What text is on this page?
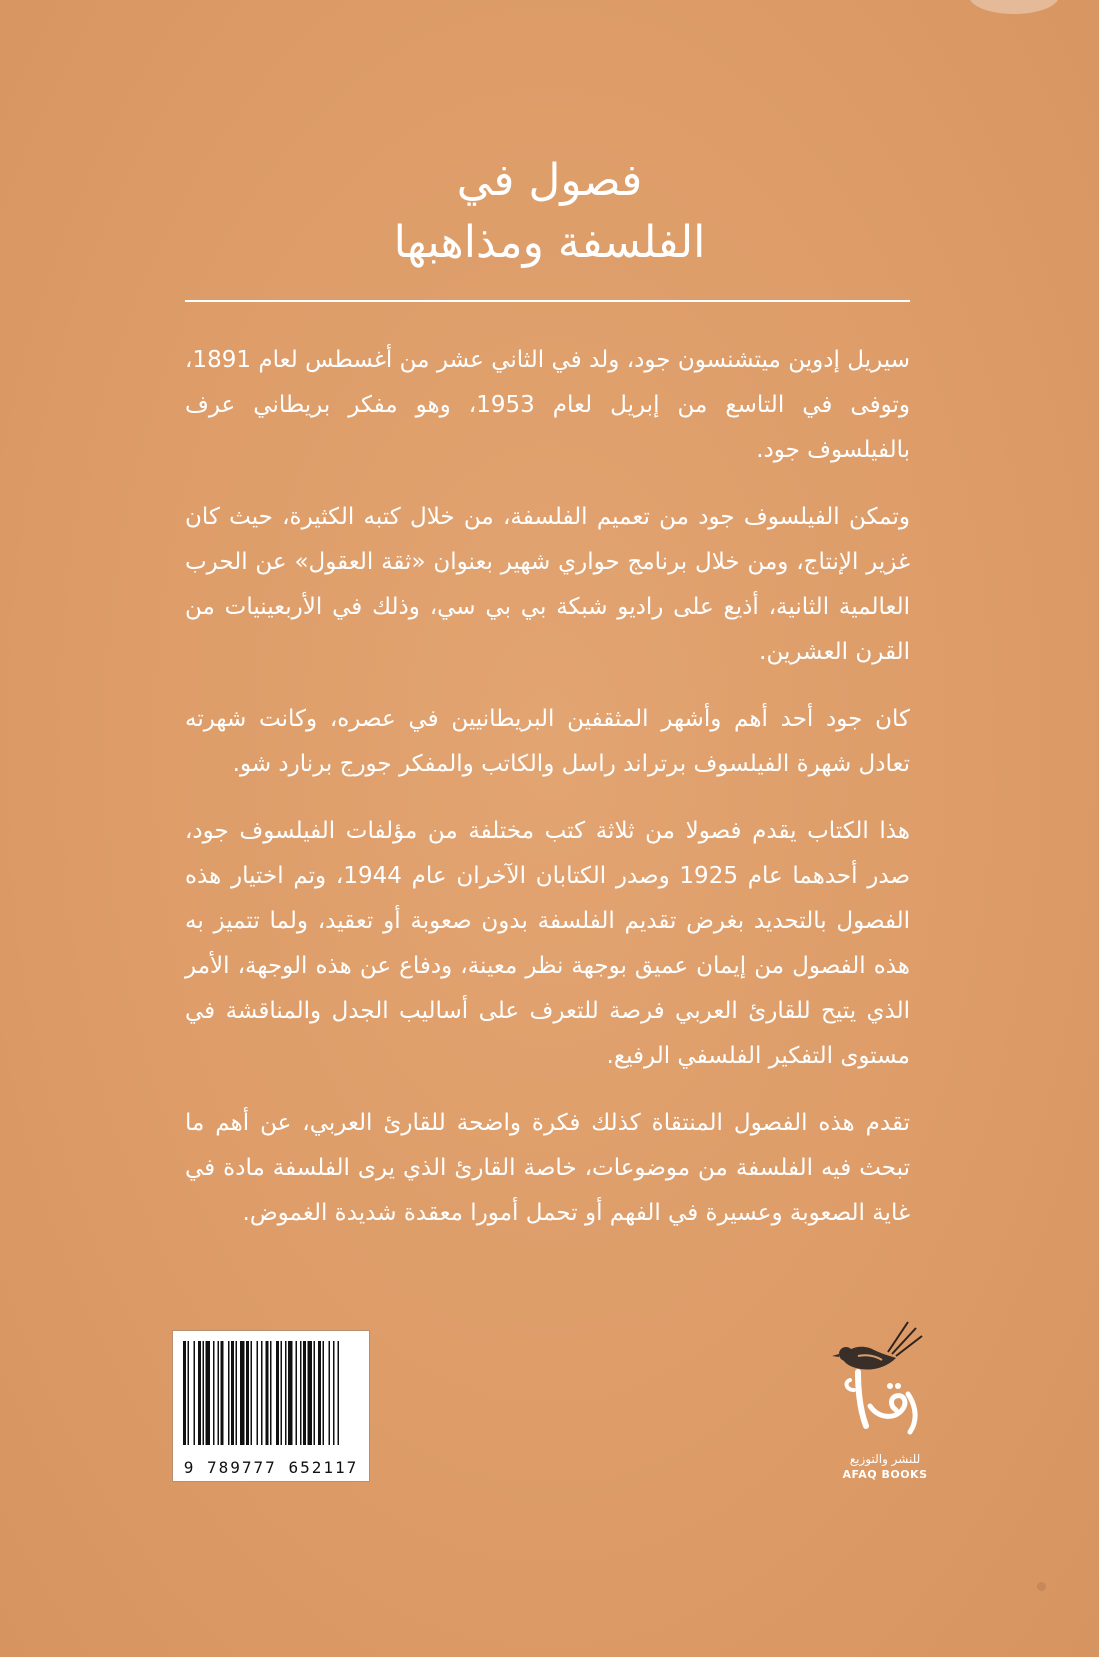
فصول في
الفلسفة ومذاهبها

سيريل إدوين ميتشنسون جود، ولد في الثاني عشر من أغسطس لعام 1891، وتوفى في التاسع من إبريل لعام 1953، وهو مفكر بريطاني عرف بالفيلسوف جود.

وتمكن الفيلسوف جود من تعميم الفلسفة، من خلال كتبه الكثيرة، حيث كان غزير الإنتاج، ومن خلال برنامج حواري شهير بعنوان «ثقة العقول» عن الحرب العالمية الثانية، أذيع على راديو شبكة بي بي سي، وذلك في الأربعينيات من القرن العشرين.

كان جود أحد أهم وأشهر المثقفين البريطانيين في عصره، وكانت شهرته تعادل شهرة الفيلسوف برتراند راسل والكاتب والمفكر جورج برنارد شو.

هذا الكتاب يقدم فصولا من ثلاثة كتب مختلفة من مؤلفات الفيلسوف جود، صدر أحدهما عام 1925 وصدر الكتابان الآخران عام 1944، وتم اختيار هذه الفصول بالتحديد بغرض تقديم الفلسفة بدون صعوبة أو تعقيد، ولما تتميز به هذه الفصول من إيمان عميق بوجهة نظر معينة، ودفاع عن هذه الوجهة، الأمر الذي يتيح للقارئ العربي فرصة للتعرف على أساليب الجدل والمناقشة في مستوى التفكير الفلسفي الرفيع.

تقدم هذه الفصول المنتقاة كذلك فكرة واضحة للقارئ العربي، عن أهم ما تبحث فيه الفلسفة من موضوعات، خاصة القارئ الذي يرى الفلسفة مادة في غاية الصعوبة وعسيرة في الفهم أو تحمل أمورا معقدة شديدة الغموض.

9 789777 652117	للنشر والتوزيع
AFAQ BOOKS
